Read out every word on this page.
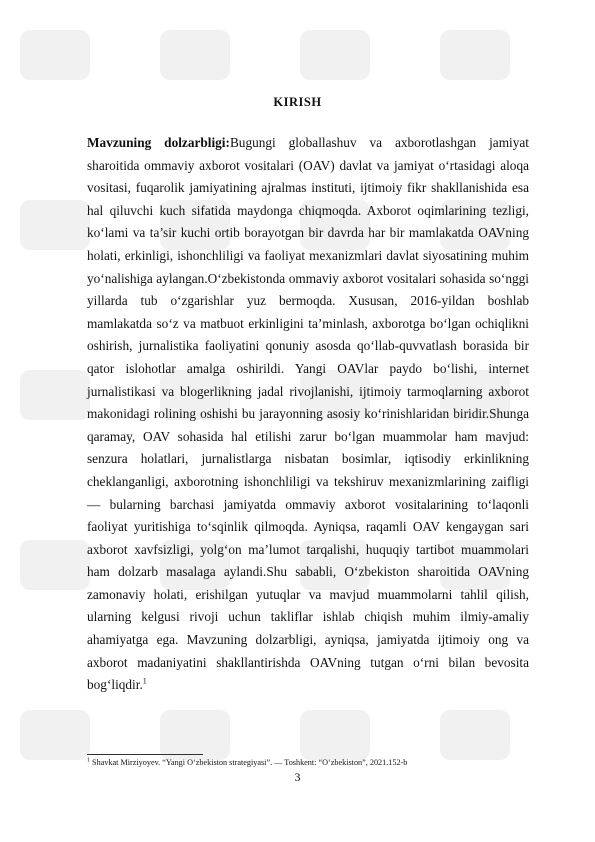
KIRISH
Mavzuning dolzarbligi:Bugungi globallashuv va axborotlashgan jamiyat sharoitida ommaviy axborot vositalari (OAV) davlat va jamiyat o‘rtasidagi aloqa vositasi, fuqarolik jamiyatining ajralmas instituti, ijtimoiy fikr shakllanishida esa hal qiluvchi kuch sifatida maydonga chiqmoqda. Axborot oqimlarining tezligi, ko‘lami va ta’sir kuchi ortib borayotgan bir davrda har bir mamlakatda OAVning holati, erkinligi, ishonchliligi va faoliyat mexanizmlari davlat siyosatining muhim yo‘nalishiga aylangan.O‘zbekistonda ommaviy axborot vositalari sohasida so‘nggi yillarda tub o‘zgarishlar yuz bermoqda. Xususan, 2016-yildan boshlab mamlakatda so‘z va matbuot erkinligini ta’minlash, axborotga bo‘lgan ochiqlikni oshirish, jurnalistika faoliyatini qonuniy asosda qo‘llab-quvvatlash borasida bir qator islohotlar amalga oshirildi. Yangi OAVlar paydo bo‘lishi, internet jurnalistikasi va blogerlikning jadal rivojlanishi, ijtimoiy tarmoqlarning axborot makonidagi rolining oshishi bu jarayonning asosiy ko‘rinishlaridan biridir.Shunga qaramay, OAV sohasida hal etilishi zarur bo‘lgan muammolar ham mavjud: senzura holatlari, jurnalistlarga nisbatan bosimlar, iqtisodiy erkinlikning cheklanganligi, axborotning ishonchliligi va tekshiruv mexanizmlarining zaifligi — bularning barchasi jamiyatda ommaviy axborot vositalarining to‘laqonli faoliyat yuritishiga to‘sqinlik qilmoqda. Ayniqsa, raqamli OAV kengaygan sari axborot xavfsizligi, yolg‘on ma’lumot tarqalishi, huquqiy tartibot muammolari ham dolzarb masalaga aylandi.Shu sababli, O‘zbekiston sharoitida OAVning zamonaviy holati, erishilgan yutuqlar va mavjud muammolarni tahlil qilish, ularning kelgusi rivoji uchun takliflar ishlab chiqish muhim ilmiy-amaliy ahamiyatga ega. Mavzuning dolzarbligi, ayniqsa, jamiyatda ijtimoiy ong va axborot madaniyatini shakllantirishda OAVning tutgan o‘rni bilan bevosita bog‘liqdir.$^1$
$^1$ Shavkat Mirziyoyev. “Yangi O‘zbekiston strategiyasi”. — Toshkent: “O‘zbekiston”, 2021.152-b
3
